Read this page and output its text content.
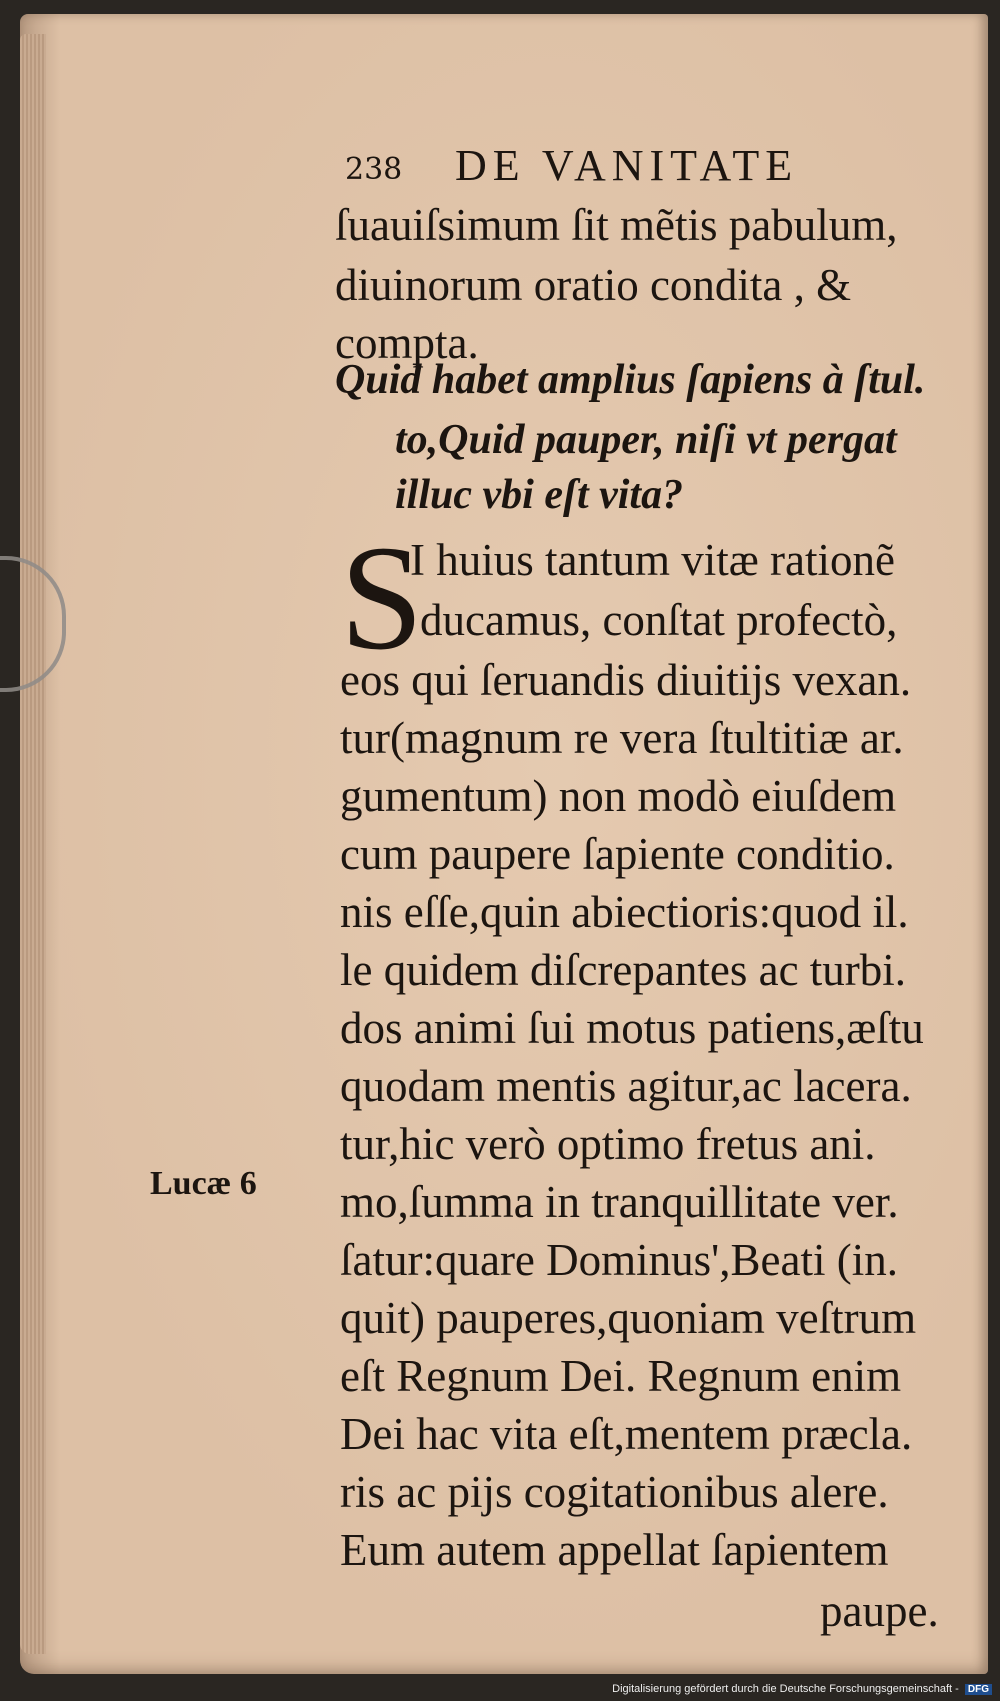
238 DE VANITATE
ſuauiſsimum ſit mẽtis pabulum,
diuinorum oratio condita , &
compta.
Quid habet amplius ſapiens à ſtul.
to,Quid pauper, niſi vt pergat
illuc vbi eſt vita?
S
I huius tantum vitæ rationẽ
ducamus, conſtat profectò,
eos qui ſeruandis diuitijs vexan.
tur(magnum re vera ſtultitiæ ar.
gumentum) non modò eiuſdem
cum paupere ſapiente conditio.
nis eſſe,quin abiectioris:quod il.
le quidem diſcrepantes ac turbi.
dos animi ſui motus patiens,æſtu
quodam mentis agitur,ac lacera.
tur,hic verò optimo fretus ani.
mo,ſumma in tranquillitate ver.
ſatur:quare Dominus',Beati (in.
quit) pauperes,quoniam veſtrum
eſt Regnum Dei. Regnum enim
Dei hac vita eſt,mentem præcla.
ris ac pijs cogitationibus alere.
Eum autem appellat ſapientem
paupe.
Lucæ 6
Digitalisierung gefördert durch die Deutsche Forschungsgemeinschaft - DFG
